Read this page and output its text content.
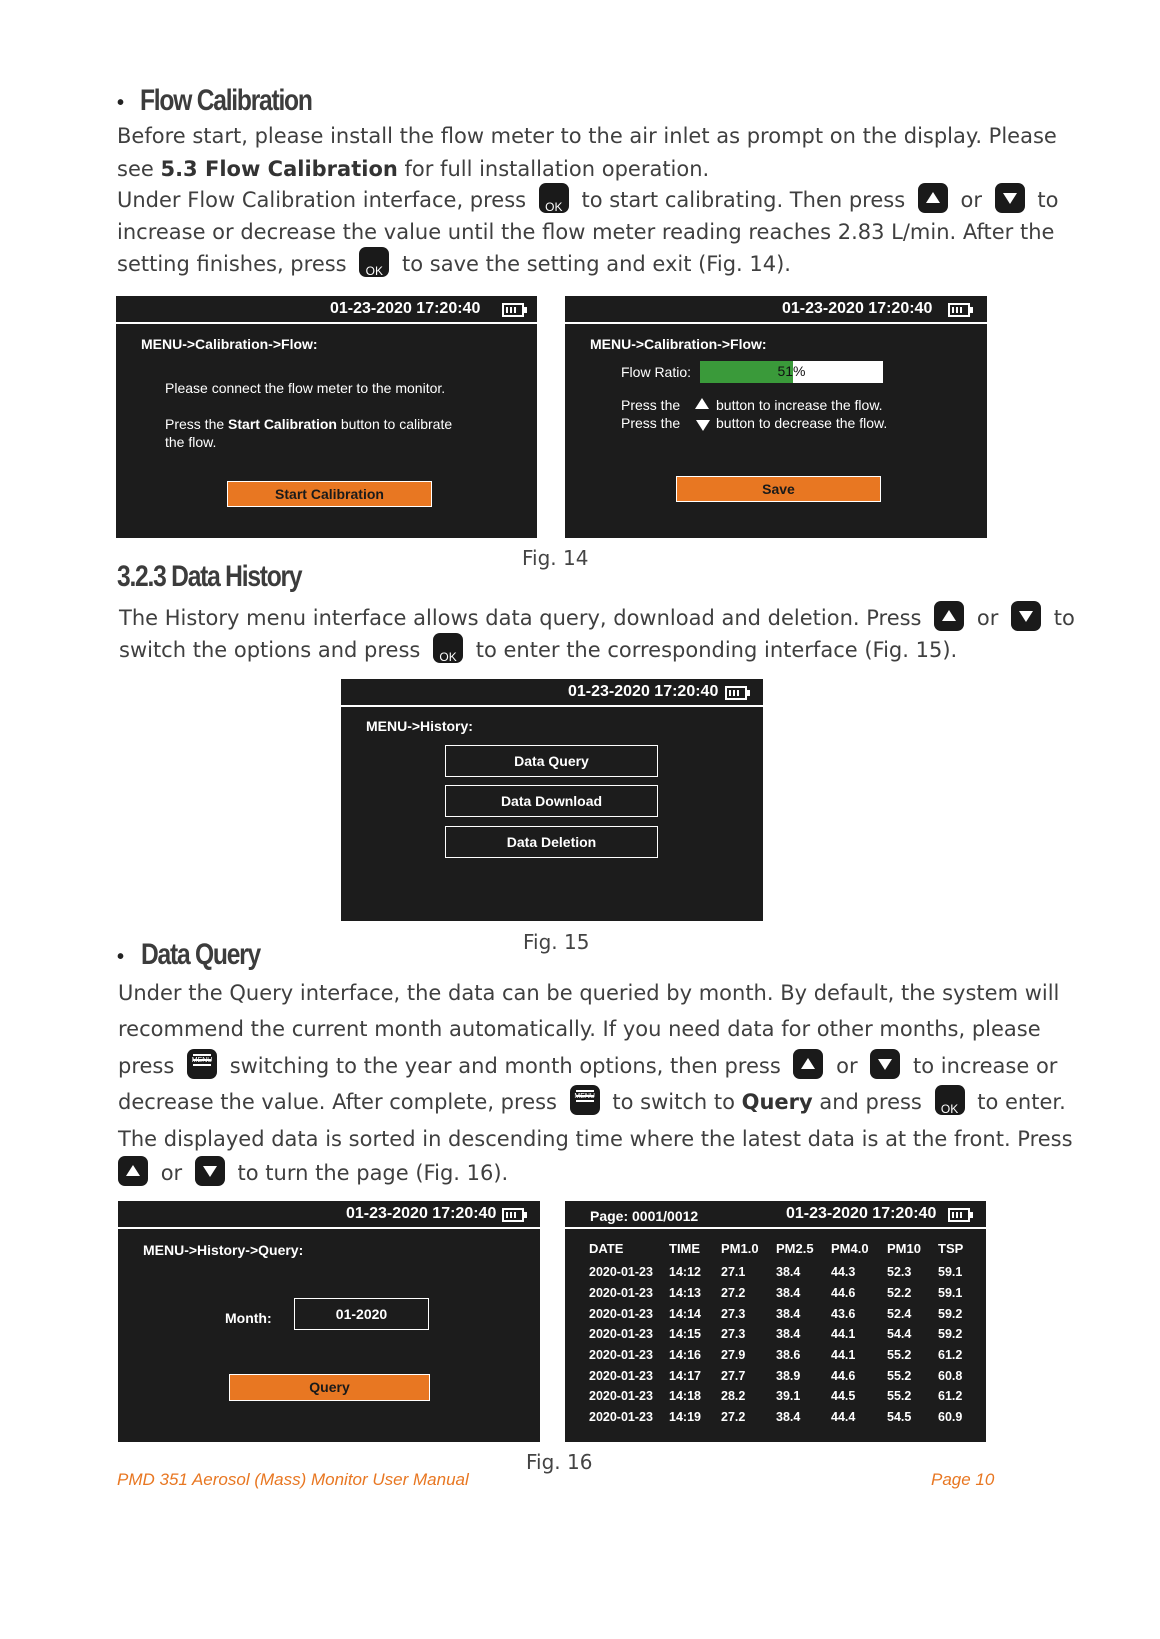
• Flow Calibration
Before start, please install the flow meter to the air inlet as prompt on the display. Please
see 5.3 Flow Calibration for full installation operation.
Under Flow Calibration interface, press	OK to start calibrating. Then press	or	to
increase or decrease the value until the flow meter reading reaches 2.83 L/min. After the
setting finishes, press	OK to save the setting and exit (Fig. 14).
01-23-2020 17:20:40
MENU->Calibration->Flow:
Please connect the flow meter to the monitor.
Press the Start Calibration button to calibrate
the flow.
Start Calibration
01-23-2020 17:20:40
MENU->Calibration->Flow:
Flow Ratio:	51%
Press the	button to increase the flow.
Press the	button to decrease the flow.
Save
Fig. 14
3.2.3 Data History
The History menu interface allows data query, download and deletion. Press	or	to
switch the options and press	OK to enter the corresponding interface (Fig. 15).
01-23-2020 17:20:40
MENU->History:
Data Query
Data Download
Data Deletion
Fig. 15
• Data Query
Under the Query interface, the data can be queried by month. By default, the system will
recommend the current month automatically. If you need data for other months, please
press	MENU switching to the year and month options, then press	or	to increase or
decrease the value. After complete, press	MENU to switch to Query and press	OK to enter.
The displayed data is sorted in descending time where the latest data is at the front. Press
or	to turn the page (Fig. 16).
01-23-2020 17:20:40
MENU->History->Query:
Month:	01-2020
Query
Page: 0001/0012	01-23-2020 17:20:40
DATE	TIME	PM1.0	PM2.5	PM4.0	PM10	TSP
2020-01-23	14:12	27.1	38.4	44.3	52.3	59.1
2020-01-23	14:13	27.2	38.4	44.6	52.2	59.1
2020-01-23	14:14	27.3	38.4	43.6	52.4	59.2
2020-01-23	14:15	27.3	38.4	44.1	54.4	59.2
2020-01-23	14:16	27.9	38.6	44.1	55.2	61.2
2020-01-23	14:17	27.7	38.9	44.6	55.2	60.8
2020-01-23	14:18	28.2	39.1	44.5	55.2	61.2
2020-01-23	14:19	27.2	38.4	44.4	54.5	60.9
Fig. 16
PMD 351 Aerosol (Mass) Monitor User Manual	Page 10
